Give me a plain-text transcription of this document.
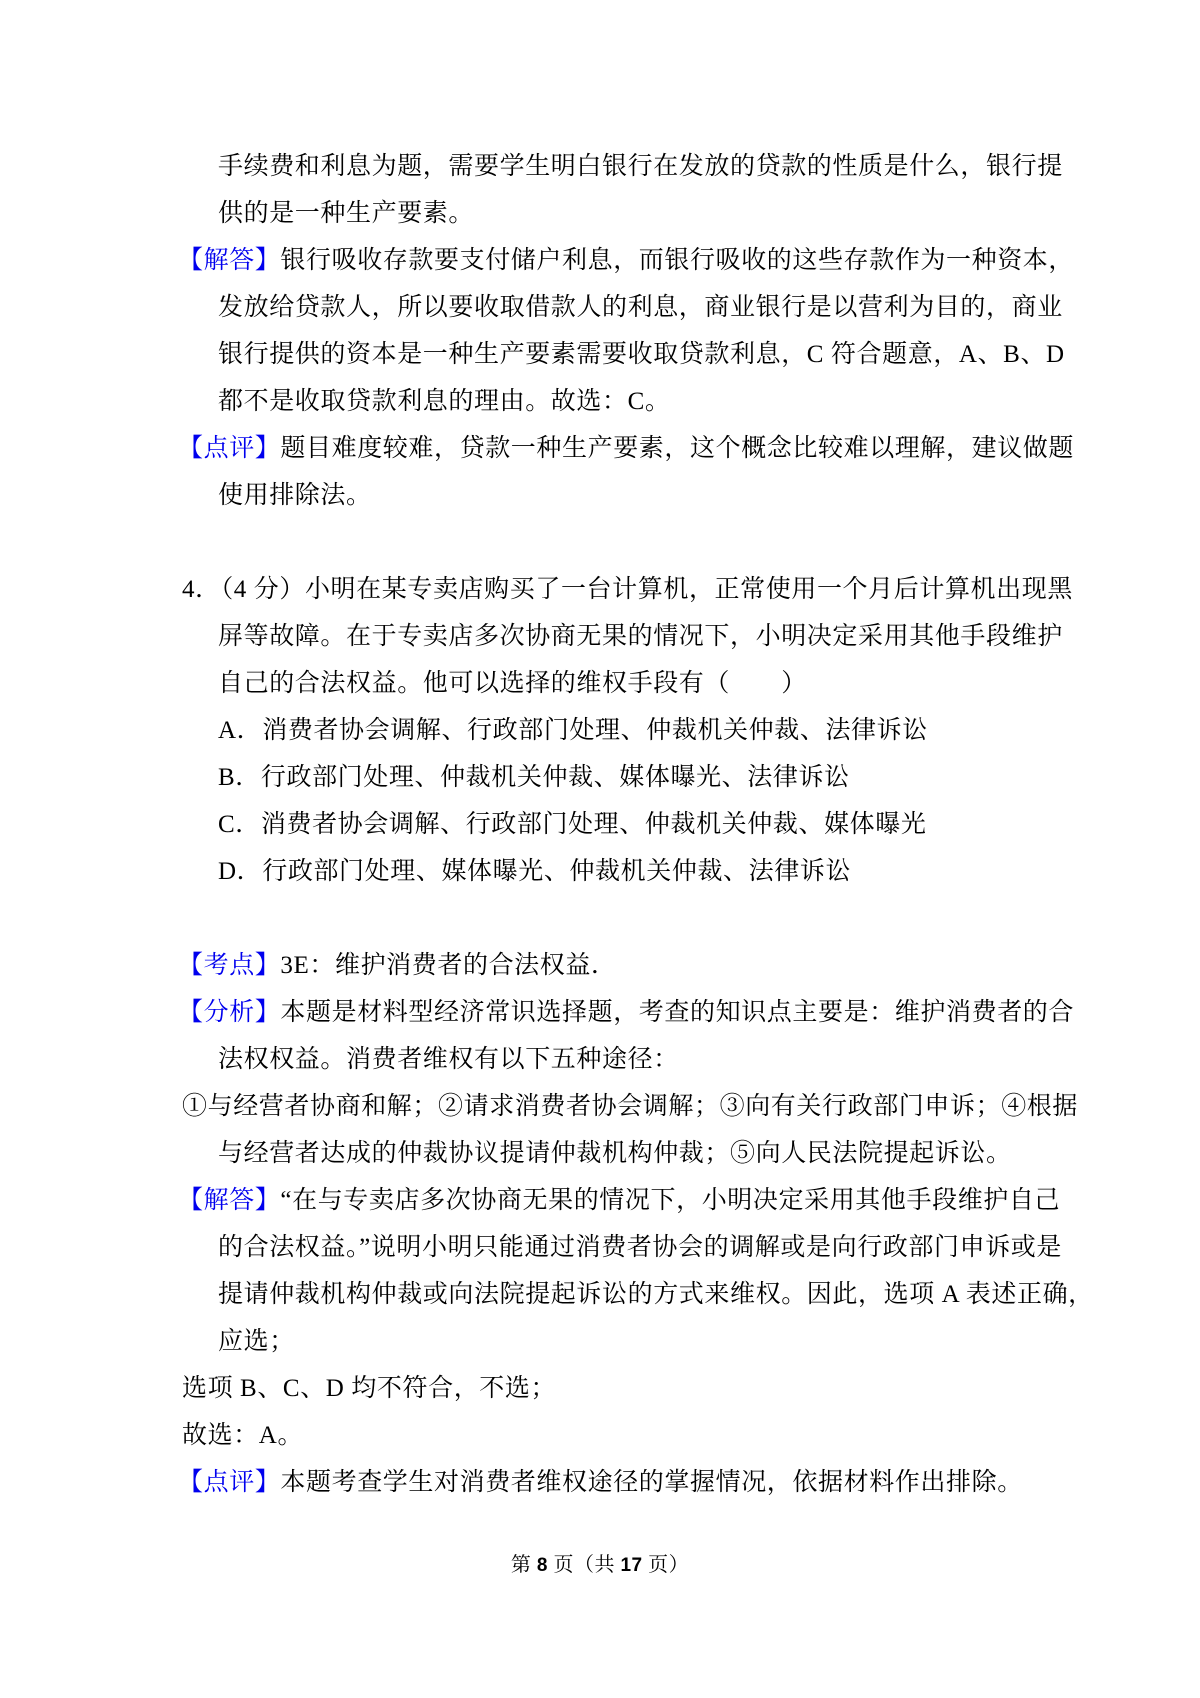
手续费和利息为题，需要学生明白银行在发放的贷款的性质是什么，银行提
供的是一种生产要素。
【解答】银行吸收存款要支付储户利息，而银行吸收的这些存款作为一种资本，
发放给贷款人，所以要收取借款人的利息，商业银行是以营利为目的，商业
银行提供的资本是一种生产要素需要收取贷款利息，C 符合题意，A、B、D
都不是收取贷款利息的理由。故选：C。
【点评】题目难度较难，贷款一种生产要素，这个概念比较难以理解，建议做题
使用排除法。
4．（4 分）小明在某专卖店购买了一台计算机，正常使用一个月后计算机出现黑
屏等故障。在于专卖店多次协商无果的情况下，小明决定采用其他手段维护
自己的合法权益。他可以选择的维权手段有（　　）
A．消费者协会调解、行政部门处理、仲裁机关仲裁、法律诉讼
B．行政部门处理、仲裁机关仲裁、媒体曝光、法律诉讼
C．消费者协会调解、行政部门处理、仲裁机关仲裁、媒体曝光
D．行政部门处理、媒体曝光、仲裁机关仲裁、法律诉讼
【考点】3E：维护消费者的合法权益．
【分析】本题是材料型经济常识选择题，考查的知识点主要是：维护消费者的合
法权权益。消费者维权有以下五种途径：
①与经营者协商和解；②请求消费者协会调解；③向有关行政部门申诉；④根据
与经营者达成的仲裁协议提请仲裁机构仲裁；⑤向人民法院提起诉讼。
【解答】“在与专卖店多次协商无果的情况下，小明决定采用其他手段维护自己
的合法权益。”说明小明只能通过消费者协会的调解或是向行政部门申诉或是
提请仲裁机构仲裁或向法院提起诉讼的方式来维权。因此，选项 A 表述正确，
应选；
选项 B、C、D 均不符合，不选；
故选：A。
【点评】本题考查学生对消费者维权途径的掌握情况，依据材料作出排除。
第 8 页（共 17 页）
